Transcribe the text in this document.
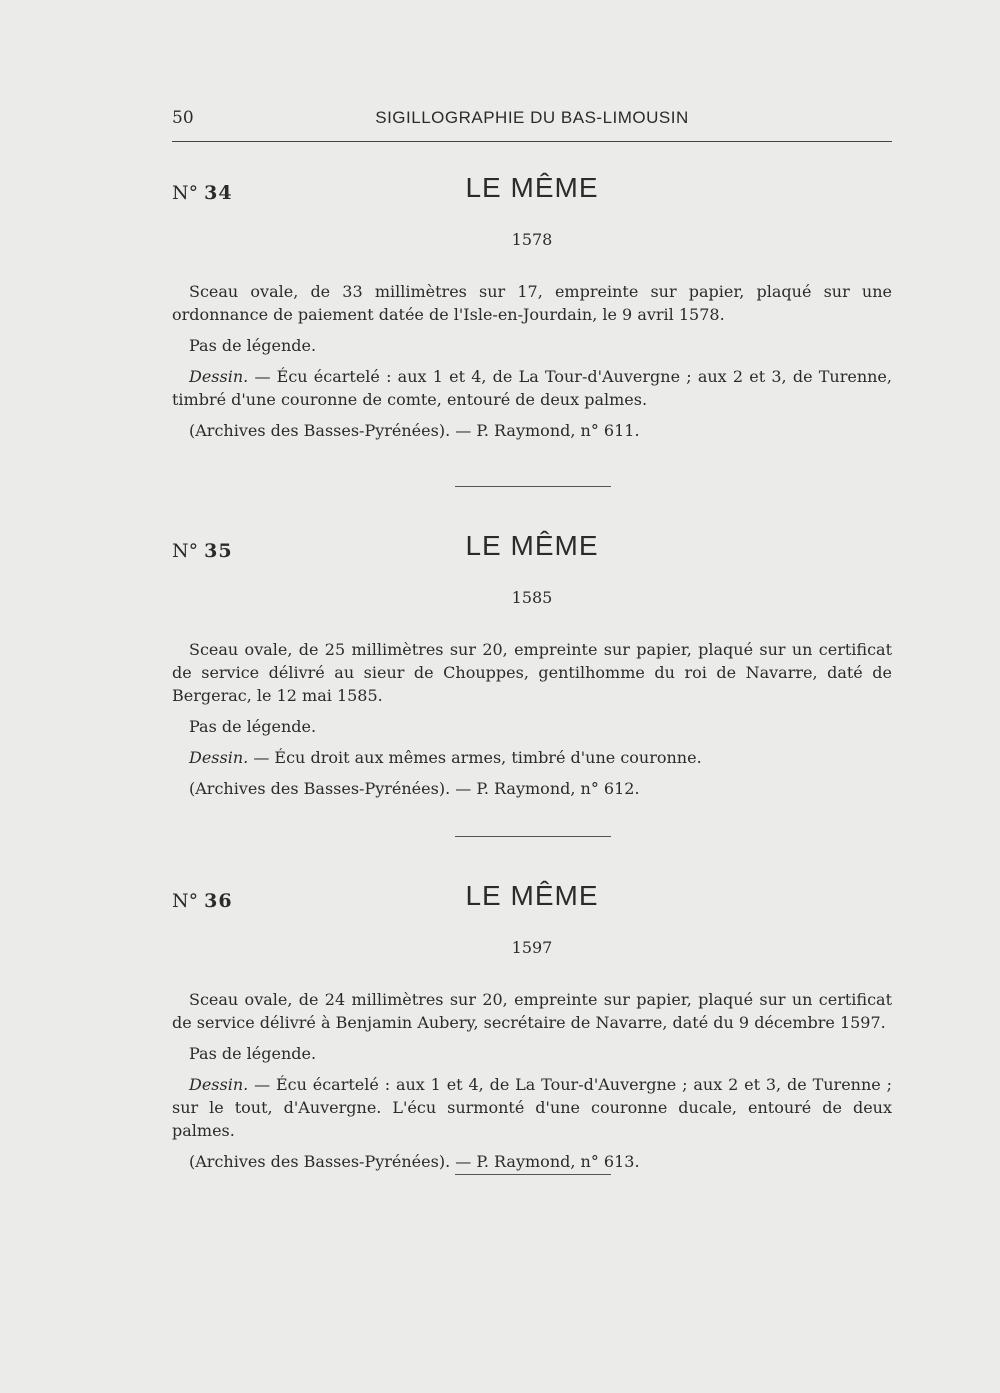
50	SIGILLOGRAPHIE DU BAS-LIMOUSIN
N° 34	LE MÊME
1578

Sceau ovale, de 33 millimètres sur 17, empreinte sur papier, plaqué sur une ordonnance de paiement datée de l'Isle-en-Jourdain, le 9 avril 1578.

Pas de légende.

Dessin. — Écu écartelé : aux 1 et 4, de La Tour-d'Auvergne ; aux 2 et 3, de Turenne, timbré d'une couronne de comte, entouré de deux palmes.

(Archives des Basses-Pyrénées). — P. Raymond, n° 611.

N° 35	LE MÊME
1585

Sceau ovale, de 25 millimètres sur 20, empreinte sur papier, plaqué sur un certificat de service délivré au sieur de Chouppes, gentilhomme du roi de Navarre, daté de Bergerac, le 12 mai 1585.

Pas de légende.

Dessin. — Écu droit aux mêmes armes, timbré d'une couronne.

(Archives des Basses-Pyrénées). — P. Raymond, n° 612.

N° 36	LE MÊME
1597

Sceau ovale, de 24 millimètres sur 20, empreinte sur papier, plaqué sur un certificat de service délivré à Benjamin Aubery, secrétaire de Navarre, daté du 9 décembre 1597.

Pas de légende.

Dessin. — Écu écartelé : aux 1 et 4, de La Tour-d'Auvergne ; aux 2 et 3, de Turenne ; sur le tout, d'Auvergne. L'écu surmonté d'une couronne ducale, entouré de deux palmes.

(Archives des Basses-Pyrénées). — P. Raymond, n° 613.
